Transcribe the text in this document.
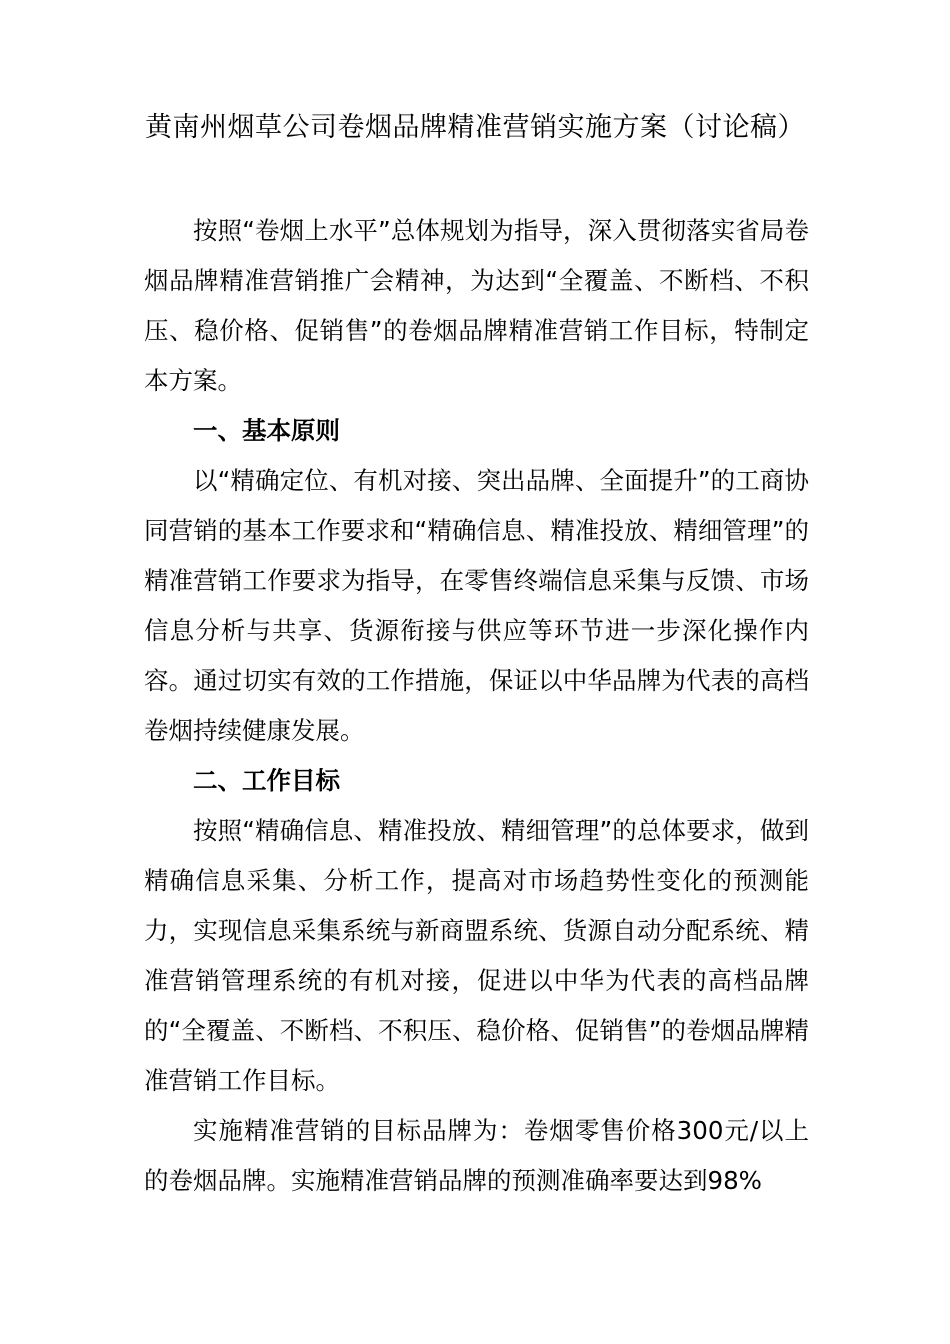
黄南州烟草公司卷烟品牌精准营销实施方案（讨论稿）

按照“卷烟上水平”总体规划为指导，深入贯彻落实省局卷烟品牌精准营销推广会精神，为达到“全覆盖、不断档、不积压、稳价格、促销售”的卷烟品牌精准营销工作目标，特制定本方案。

一、基本原则

以“精确定位、有机对接、突出品牌、全面提升”的工商协同营销的基本工作要求和“精确信息、精准投放、精细管理”的精准营销工作要求为指导，在零售终端信息采集与反馈、市场信息分析与共享、货源衔接与供应等环节进一步深化操作内容。通过切实有效的工作措施，保证以中华品牌为代表的高档卷烟持续健康发展。

二、工作目标

按照“精确信息、精准投放、精细管理”的总体要求，做到精确信息采集、分析工作，提高对市场趋势性变化的预测能力，实现信息采集系统与新商盟系统、货源自动分配系统、精准营销管理系统的有机对接，促进以中华为代表的高档品牌的“全覆盖、不断档、不积压、稳价格、促销售”的卷烟品牌精准营销工作目标。

实施精准营销的目标品牌为：卷烟零售价格300元/以上的卷烟品牌。实施精准营销品牌的预测准确率要达到98%
